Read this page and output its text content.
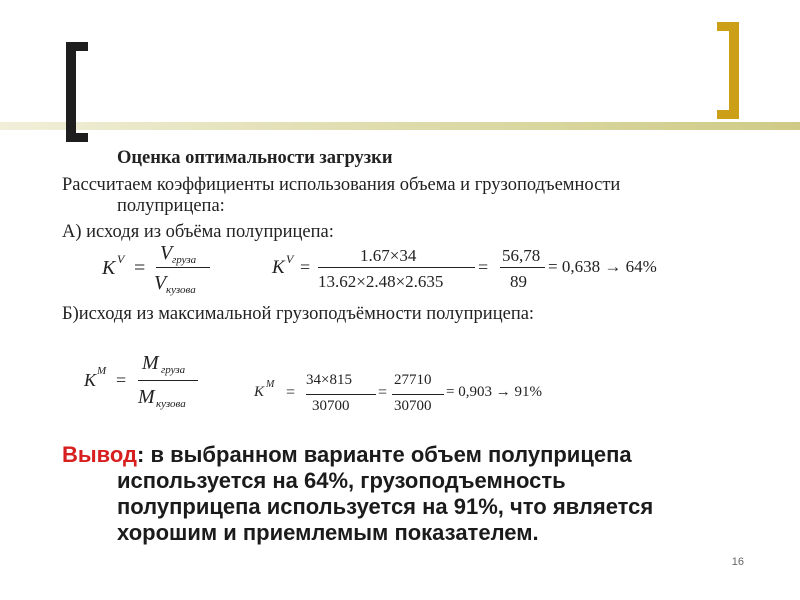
Оценка оптимальности загрузки
Рассчитаем коэффициенты использования объема и грузоподъемности
полуприцепа:
А) исходя из объёма полуприцепа:
K V =
V груза
V кузова
K V =
1.67×34
13.62×2.48×2.635
=
56,78
89
= 0,638 → 64%
Б)исходя из максимальной грузоподъёмности полуприцепа:
K M =
M груза
M кузова
K M =
34×815
30700
=
27710
30700
= 0,903 → 91%
Вывод: в выбранном варианте объем полуприцепа
используется на 64%, грузоподъемность
полуприцепа используется на 91%, что является
хорошим и приемлемым показателем.
16
